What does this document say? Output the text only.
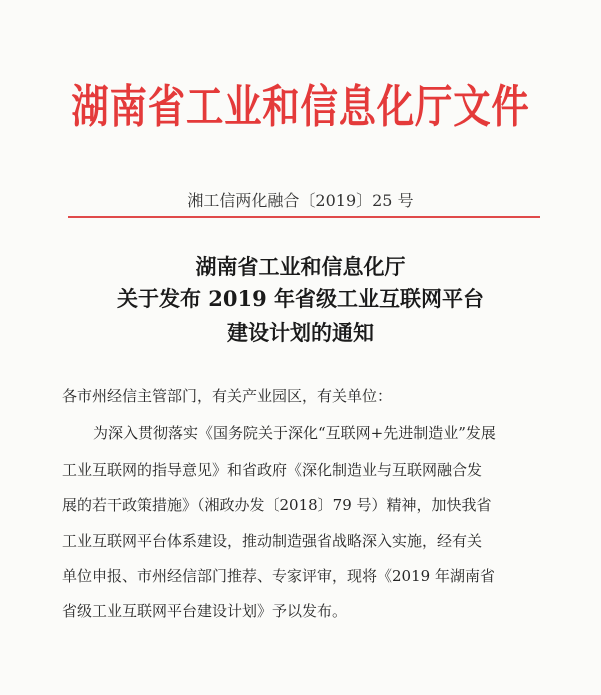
湖南省工业和信息化厅文件
湘工信两化融合〔2019〕25 号
湖南省工业和信息化厅
关于发布 2019 年省级工业互联网平台
建设计划的通知
各市州经信主管部门，有关产业园区，有关单位：
为深入贯彻落实《国务院关于深化“互联网+先进制造业”发展
工业互联网的指导意见》和省政府《深化制造业与互联网融合发
展的若干政策措施》（湘政办发〔2018〕79 号）精神，加快我省
工业互联网平台体系建设，推动制造强省战略深入实施，经有关
单位申报、市州经信部门推荐、专家评审，现将《2019 年湖南省
省级工业互联网平台建设计划》予以发布。
